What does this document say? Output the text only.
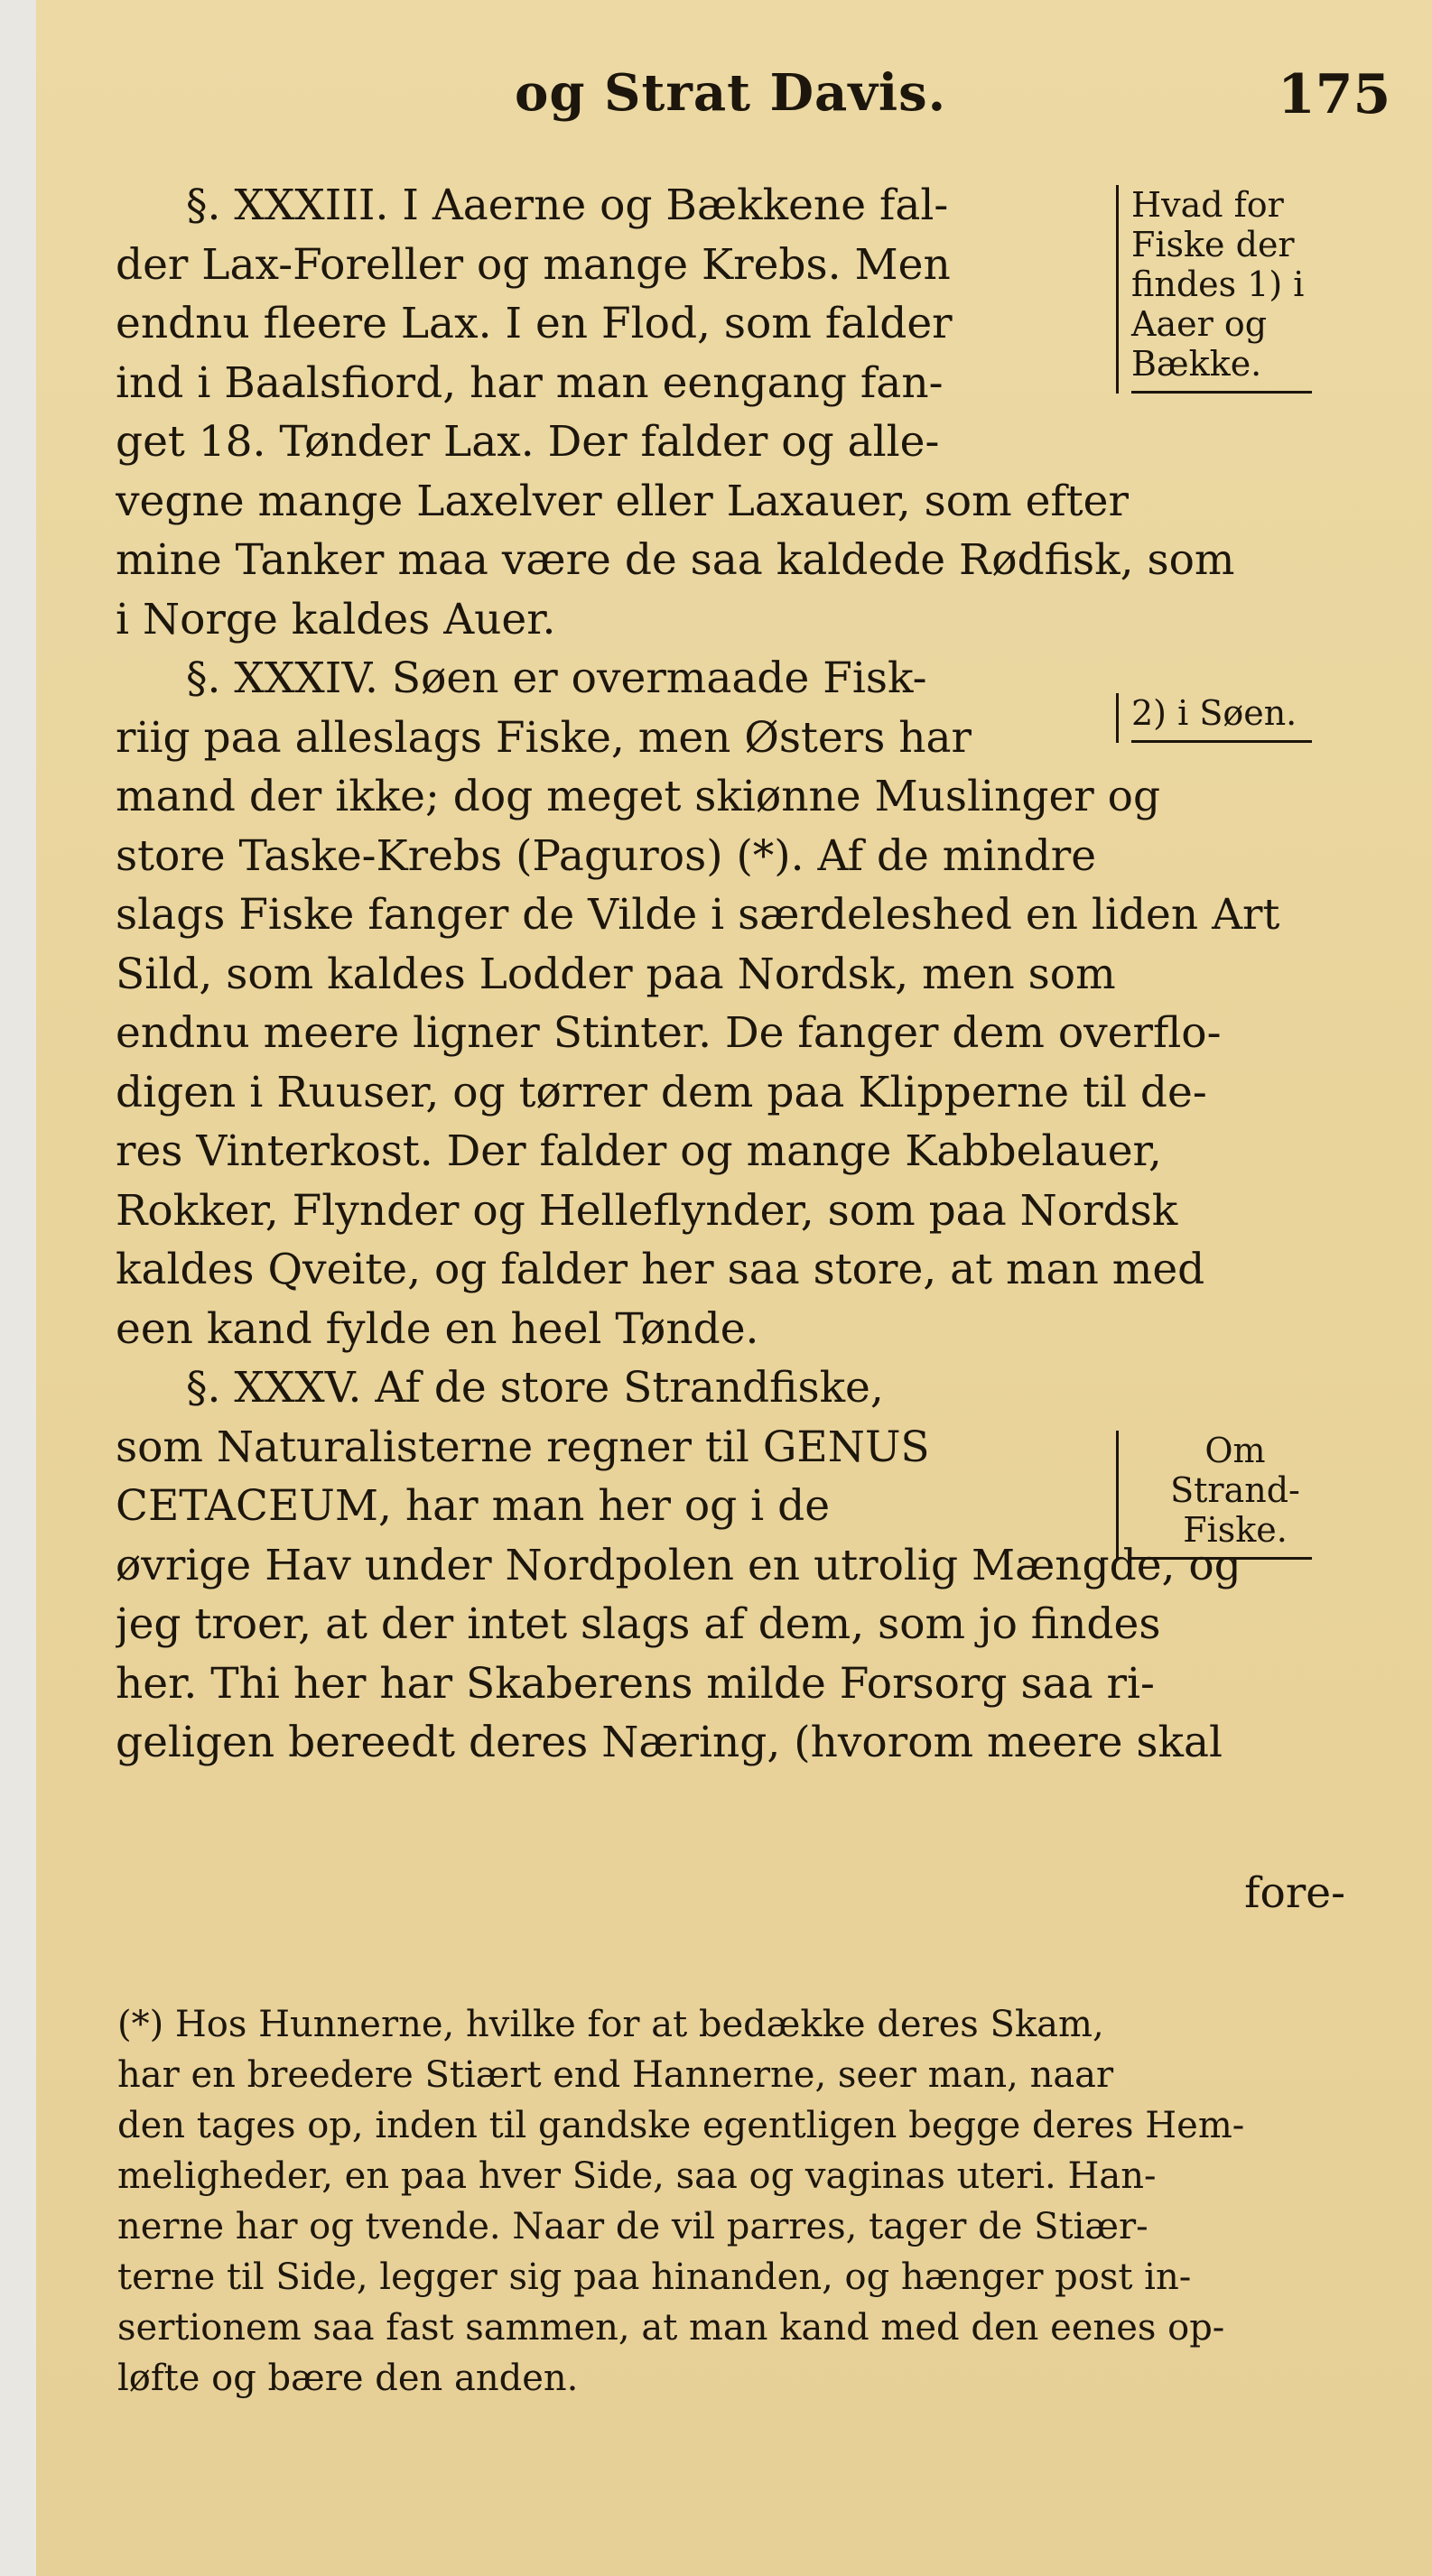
og Strat Davis.	175
§. XXXIII. I Aaerne og Bækkene fal-
der Lax-Foreller og mange Krebs. Men
endnu fleere Lax. I en Flod, som falder
ind i Baalsfiord, har man eengang fan-
get 18. Tønder Lax. Der falder og alle-
vegne mange Laxelver eller Laxauer, som efter
mine Tanker maa være de saa kaldede Rødfisk, som
i Norge kaldes Auer.
§. XXXIV. Søen er overmaade Fisk-
riig paa alleslags Fiske, men Østers har
mand der ikke; dog meget skiønne Muslinger og
store Taske-Krebs (Paguros) (*). Af de mindre
slags Fiske fanger de Vilde i særdeleshed en liden Art
Sild, som kaldes Lodder paa Nordsk, men som
endnu meere ligner Stinter. De fanger dem overflo-
digen i Ruuser, og tørrer dem paa Klipperne til de-
res Vinterkost. Der falder og mange Kabbelauer,
Rokker, Flynder og Helleflynder, som paa Nordsk
kaldes Qveite, og falder her saa store, at man med
een kand fylde en heel Tønde.
§. XXXV. Af de store Strandfiske,
som Naturalisterne regner til GENUS
CETACEUM, har man her og i de
øvrige Hav under Nordpolen en utrolig Mængde, og
jeg troer, at der intet slags af dem, som jo findes
her. Thi her har Skaberens milde Forsorg saa ri-
geligen bereedt deres Næring, (hvorom meere skal
fore-
Hvad for
Fiske der
findes 1) i
Aaer og
Bække.
2) i Søen.
Om
Strand-
Fiske.
(*) Hos Hunnerne, hvilke for at bedække deres Skam,
har en breedere Stiært end Hannerne, seer man, naar
den tages op, inden til gandske egentligen begge deres Hem-
meligheder, en paa hver Side, saa og vaginas uteri. Han-
nerne har og tvende. Naar de vil parres, tager de Stiær-
terne til Side, legger sig paa hinanden, og hænger post in-
sertionem saa fast sammen, at man kand med den eenes op-
løfte og bære den anden.
